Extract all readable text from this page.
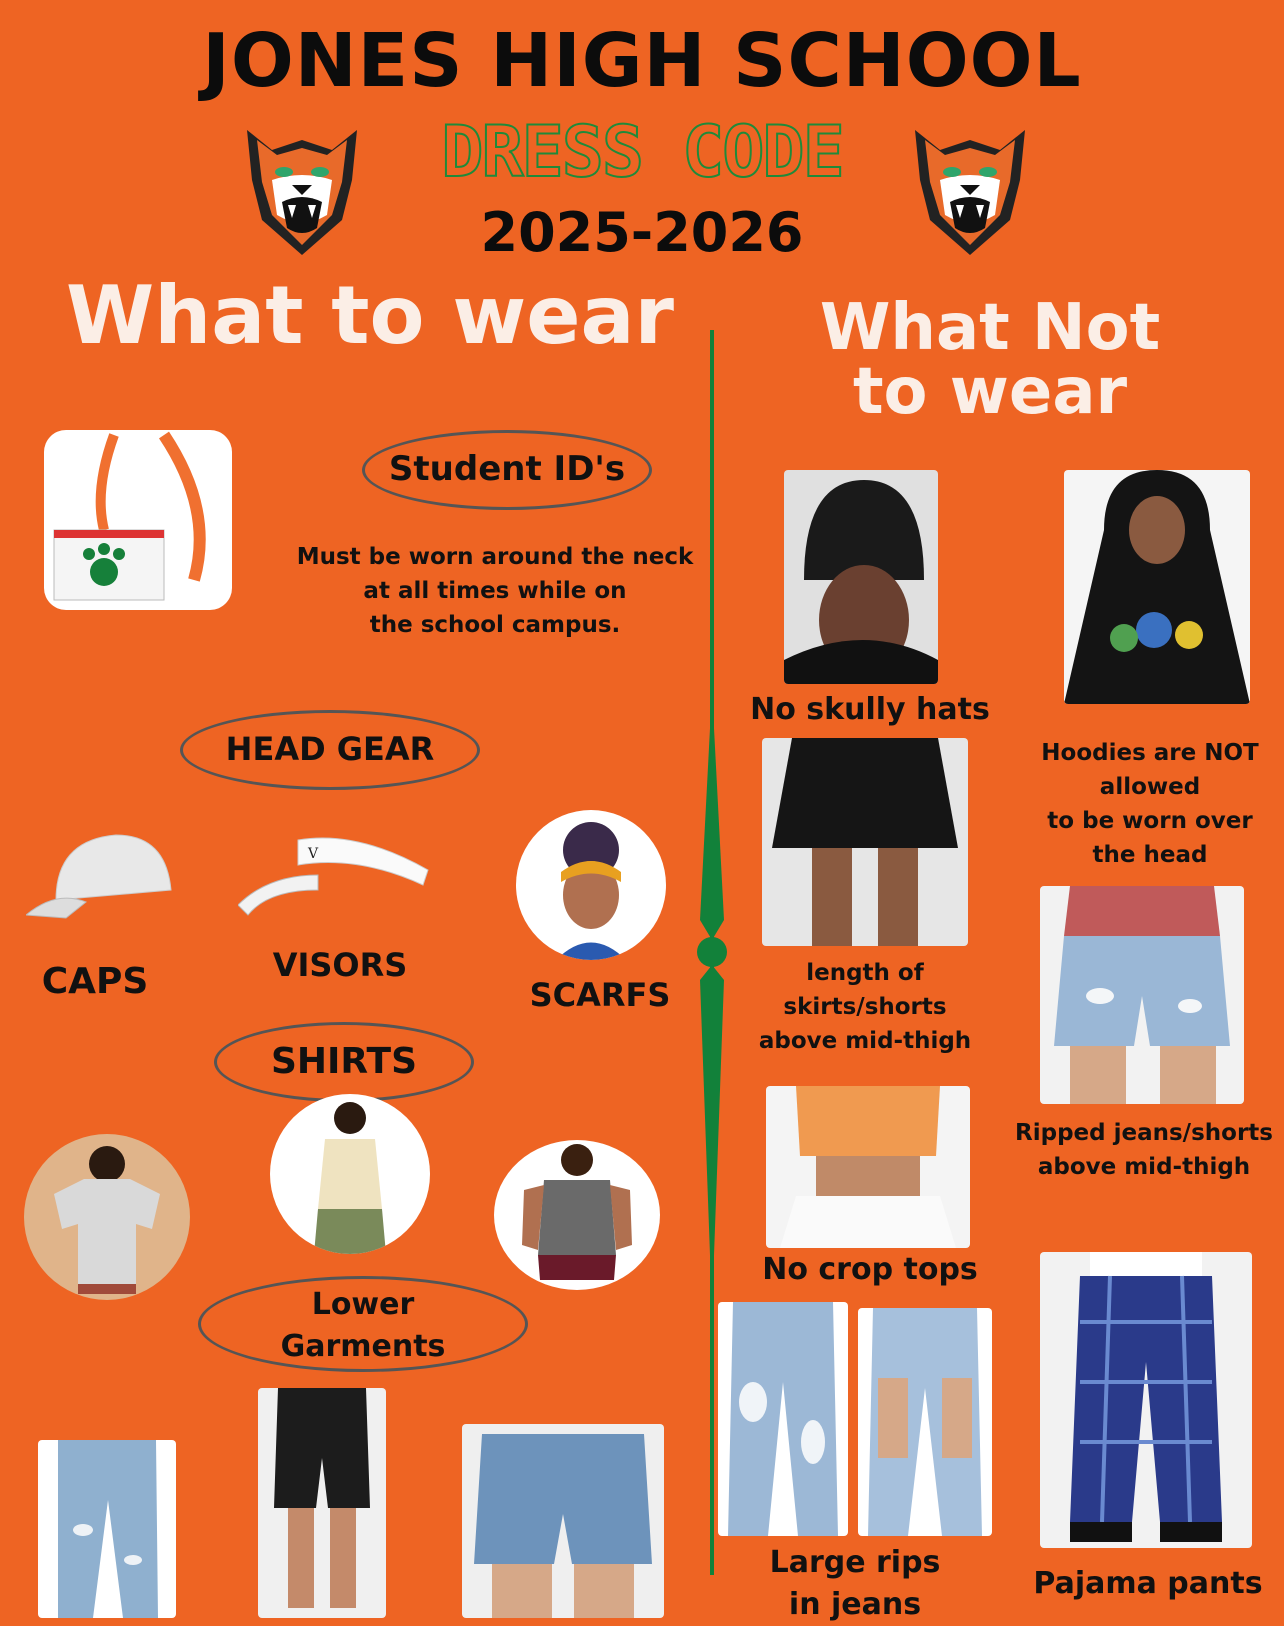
JONES HIGH SCHOOL
DRESS CODE
2025-2026
What to wear	What Not
to wear
Student ID's
Must be worn around the neck
at all times while on
the school campus.
HEAD GEAR
CAPS
V
VISORS
SCARFS
SHIRTS
Lower
Garments
No skully hats
Hoodies are NOT
allowed
to be worn over
the head
length of
skirts/shorts
above mid-thigh
Ripped jeans/shorts
above mid-thigh
No crop tops
Large rips
in jeans
Pajama pants
